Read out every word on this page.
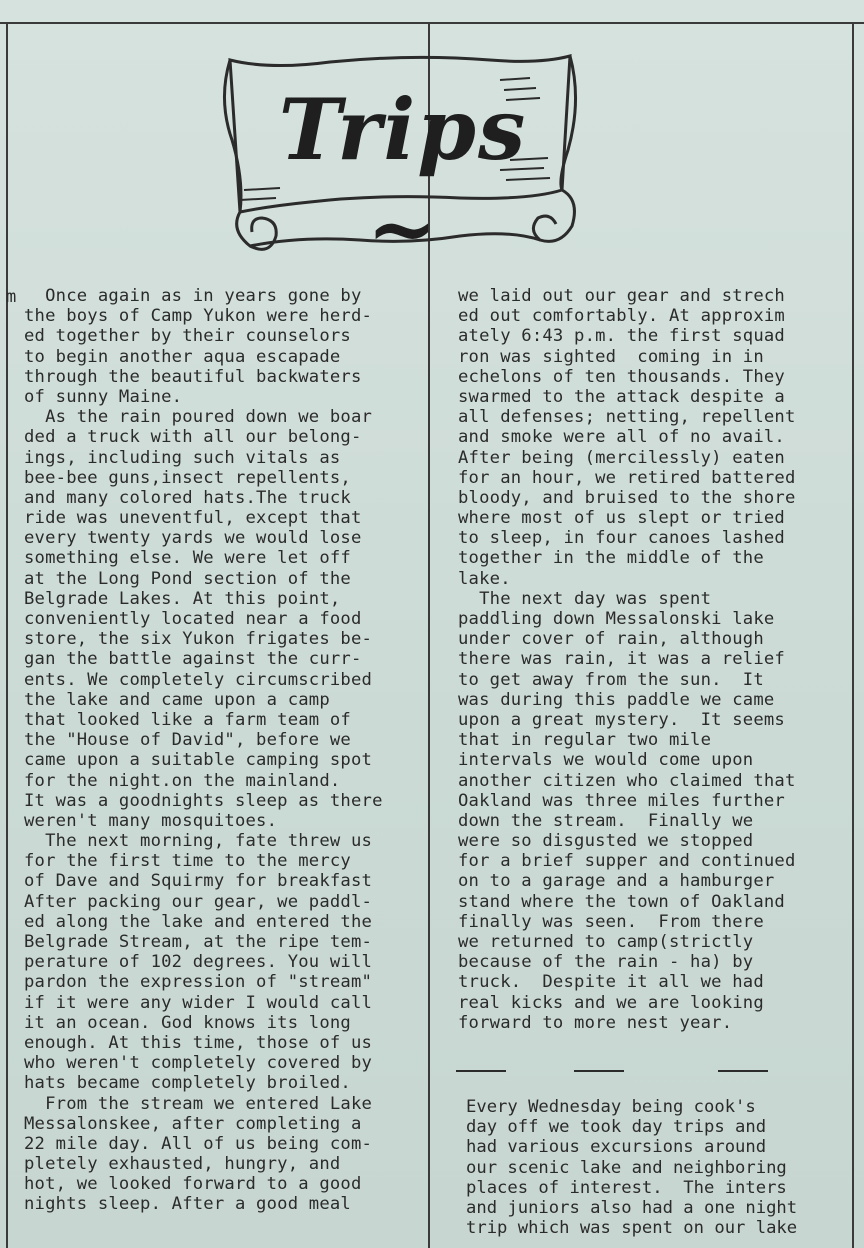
Trips ~
m Once again as in years gone by
the boys of Camp Yukon were herd-
ed together by their counselors
to begin another aqua escapade
through the beautiful backwaters
of sunny Maine.
As the rain poured down we boar
ded a truck with all our belong-
ings, including such vitals as
bee-bee guns,insect repellents,
and many colored hats.The truck
ride was uneventful, except that
every twenty yards we would lose
something else. We were let off
at the Long Pond section of the
Belgrade Lakes. At this point,
conveniently located near a food
store, the six Yukon frigates be-
gan the battle against the curr-
ents. We completely circumscribed
the lake and came upon a camp
that looked like a farm team of
the "House of David", before we
came upon a suitable camping spot
for the night.on the mainland.
It was a goodnights sleep as there
weren't many mosquitoes.
The next morning, fate threw us
for the first time to the mercy
of Dave and Squirmy for breakfast
After packing our gear, we paddl-
ed along the lake and entered the
Belgrade Stream, at the ripe tem-
perature of 102 degrees. You will
pardon the expression of "stream"
if it were any wider I would call
it an ocean. God knows its long
enough. At this time, those of us
who weren't completely covered by
hats became completely broiled.
From the stream we entered Lake
Messalonskee, after completing a
22 mile day. All of us being com-
pletely exhausted, hungry, and
hot, we looked forward to a good
nights sleep. After a good meal
we laid out our gear and strech
ed out comfortably. At approxim
ately 6:43 p.m. the first squad
ron was sighted  coming in in
echelons of ten thousands. They
swarmed to the attack despite a
all defenses; netting, repellent
and smoke were all of no avail.
After being (mercilessly) eaten
for an hour, we retired battered
bloody, and bruised to the shore
where most of us slept or tried
to sleep, in four canoes lashed
together in the middle of the
lake.
The next day was spent
paddling down Messalonski lake
under cover of rain, although
there was rain, it was a relief
to get away from the sun.  It
was during this paddle we came
upon a great mystery.  It seems
that in regular two mile
intervals we would come upon
another citizen who claimed that
Oakland was three miles further
down the stream.  Finally we
were so disgusted we stopped
for a brief supper and continued
on to a garage and a hamburger
stand where the town of Oakland
finally was seen.  From there
we returned to camp(strictly
because of the rain - ha) by
truck.  Despite it all we had
real kicks and we are looking
forward to more nest year.
Every Wednesday being cook's
day off we took day trips and
had various excursions around
our scenic lake and neighboring
places of interest.  The inters
and juniors also had a one night
trip which was spent on our lake
